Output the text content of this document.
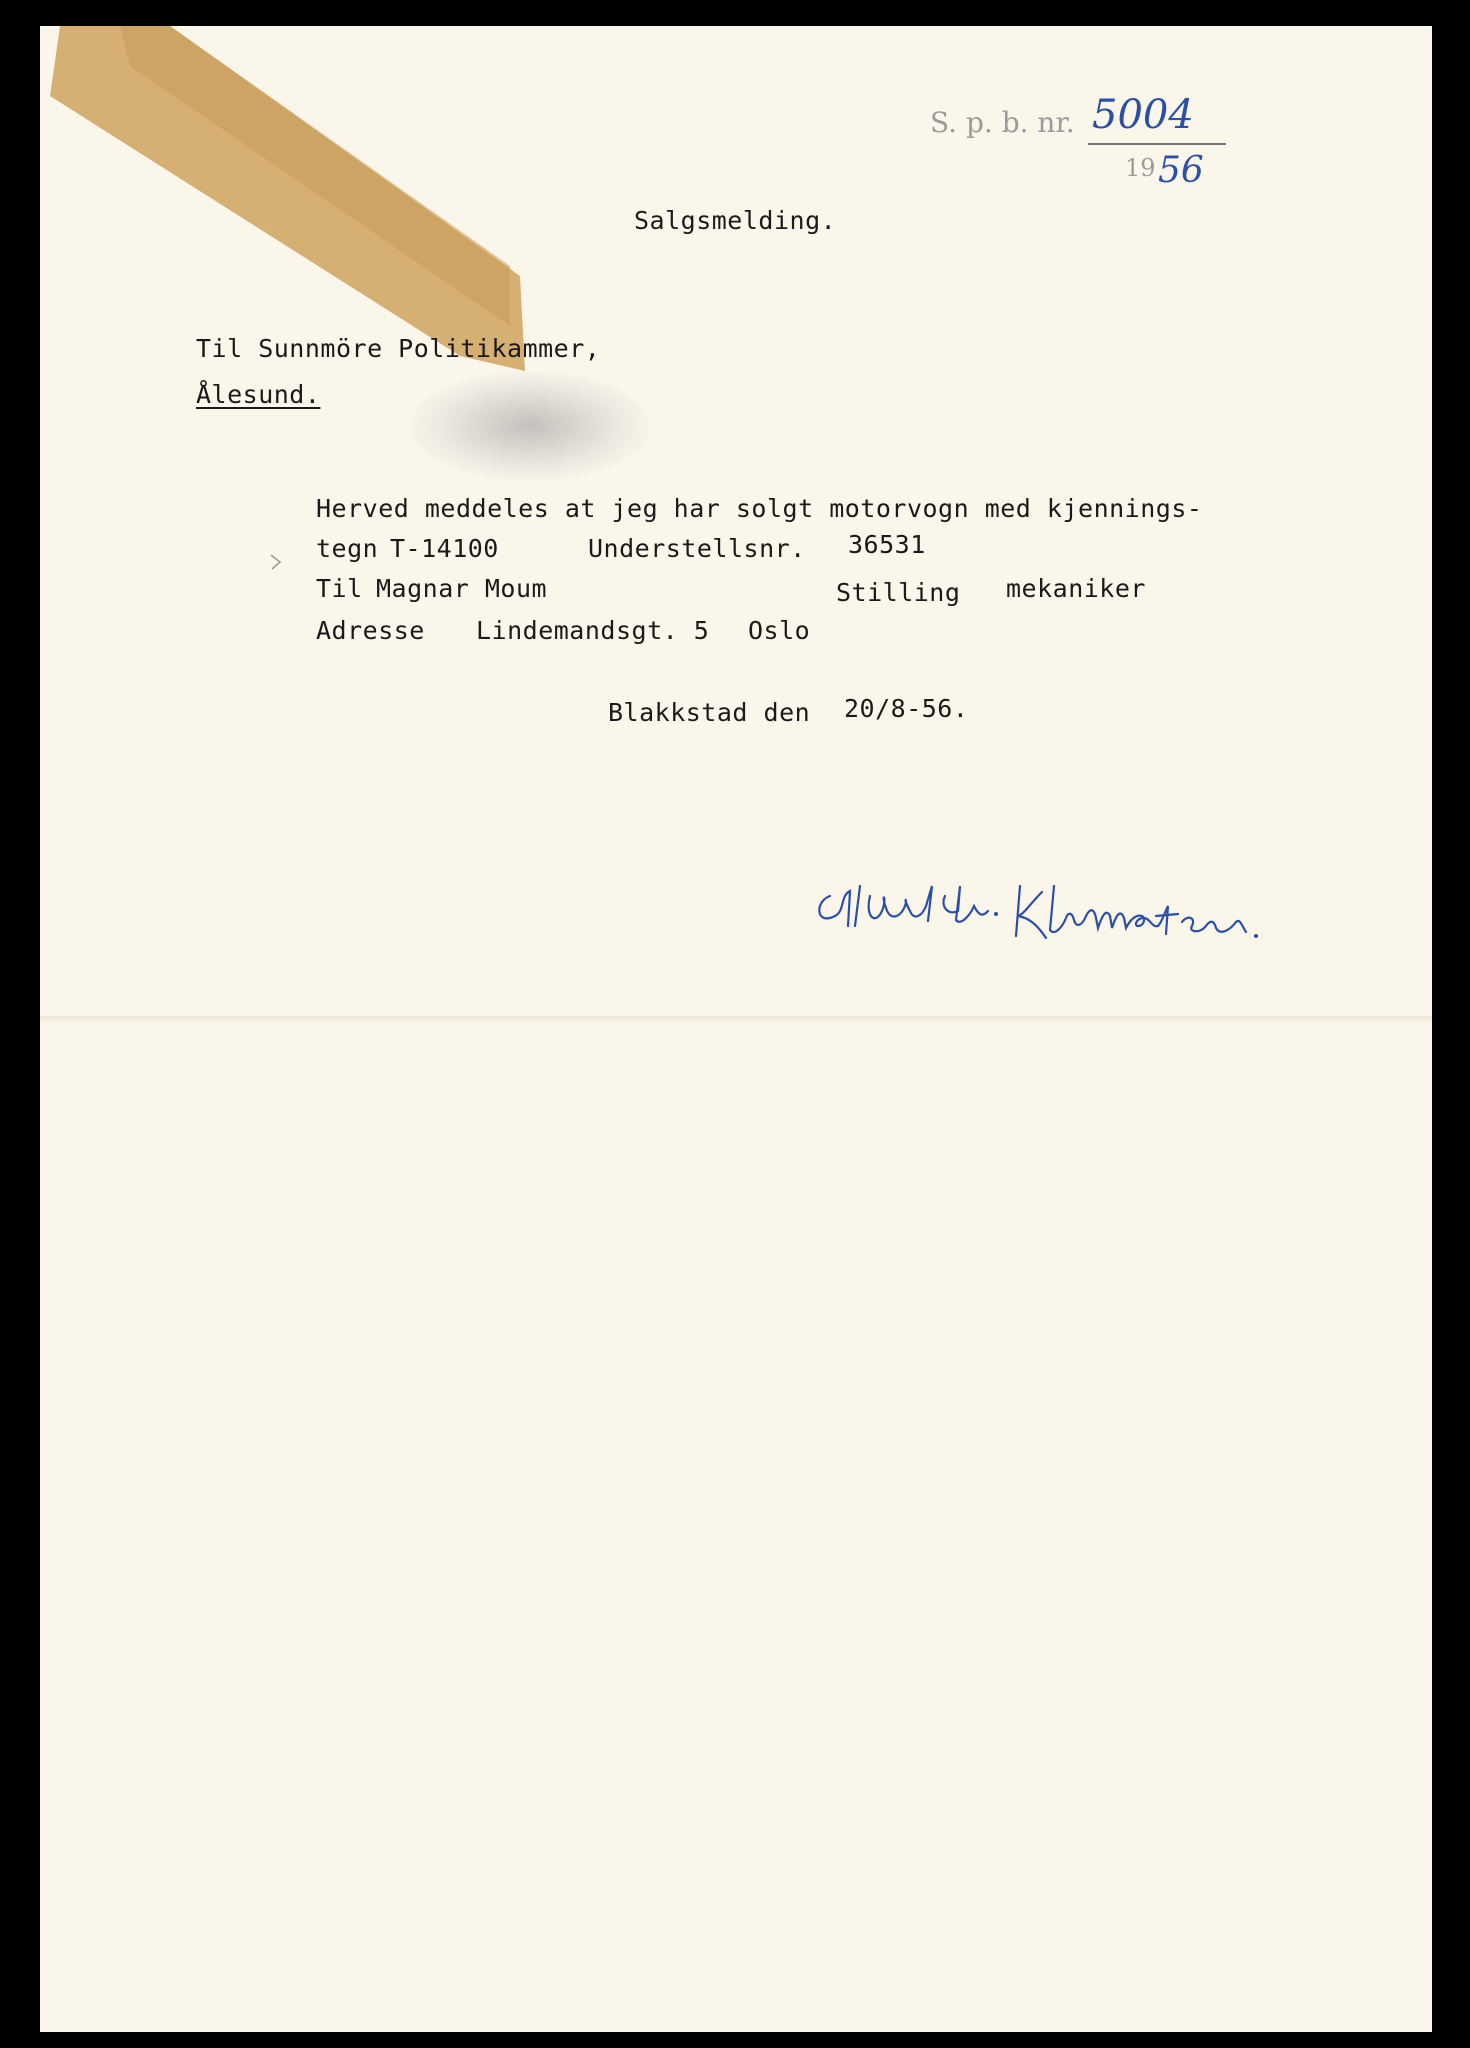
S. p. b. nr. 5004
19 56
Salgsmelding.
Til Sunnmöre Politikammer,
Ålesund.
Herved meddeles at jeg har solgt motorvogn med kjennings-
tegn T-14100	Understellsnr. 36531
Til Magnar Moum	Stilling mekaniker
Adresse Lindemandsgt. 5 Oslo
Blakkstad den 20/8-56.
